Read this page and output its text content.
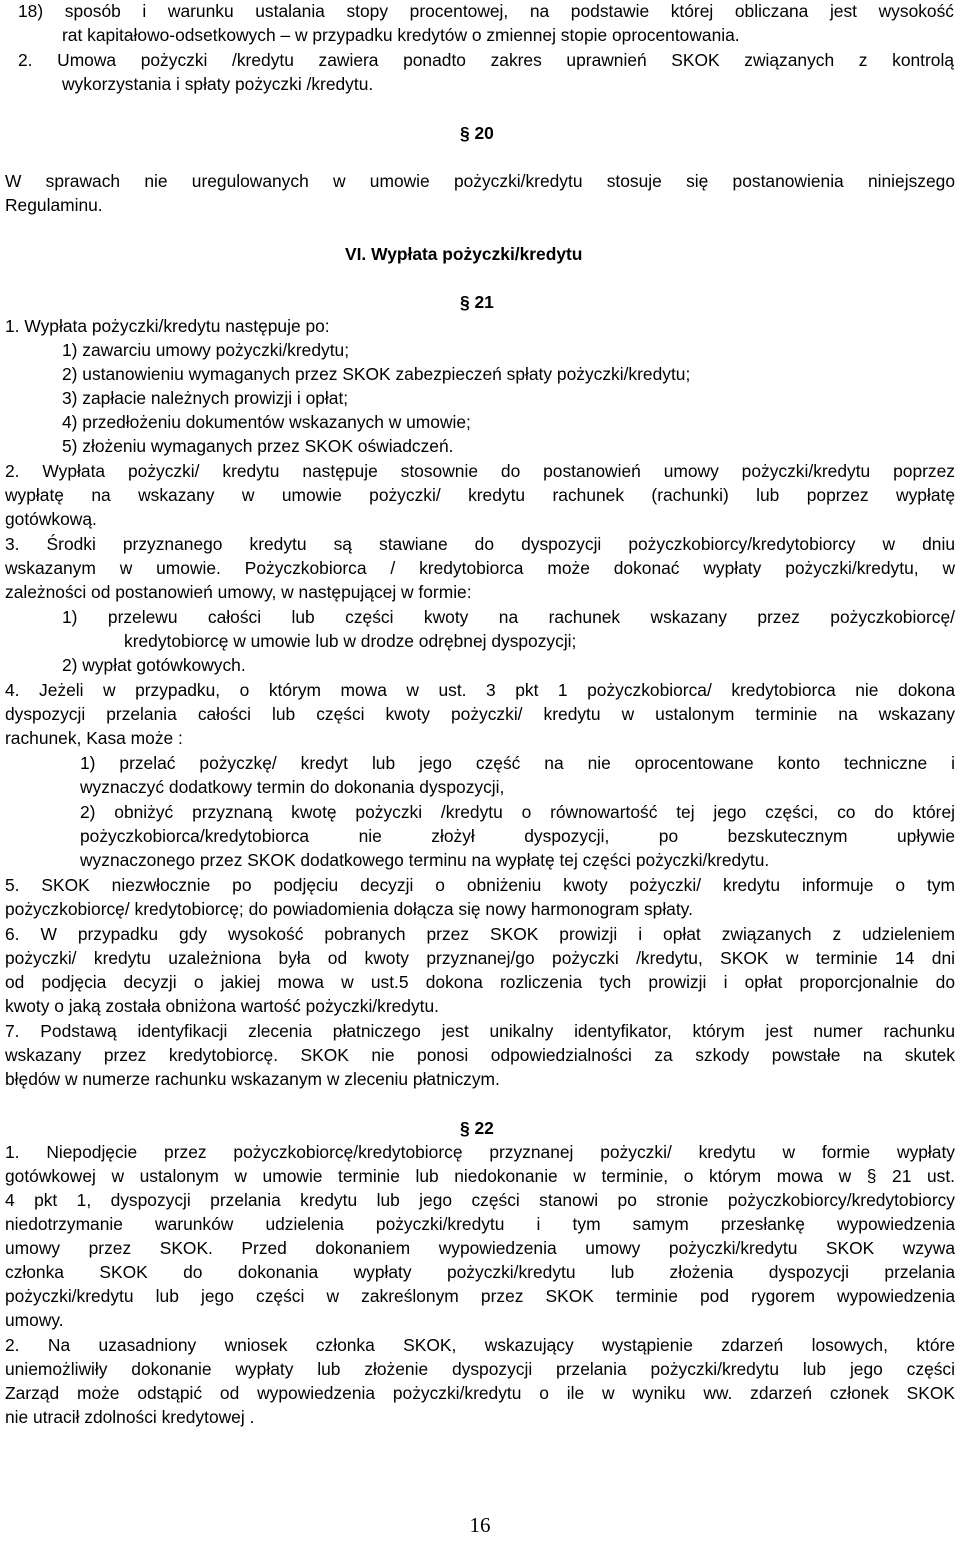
18) sposób i warunku ustalania stopy procentowej, na podstawie której obliczana jest wysokość
rat kapitałowo-odsetkowych – w przypadku kredytów o zmiennej stopie oprocentowania.
2. Umowa pożyczki /kredytu zawiera ponadto zakres uprawnień SKOK związanych z kontrolą
wykorzystania i spłaty pożyczki /kredytu.
§ 20
W sprawach nie uregulowanych w umowie pożyczki/kredytu stosuje się postanowienia niniejszego
Regulaminu.
VI. Wypłata pożyczki/kredytu
§ 21
1. Wypłata pożyczki/kredytu następuje po:
1) zawarciu umowy pożyczki/kredytu;
2) ustanowieniu wymaganych przez SKOK zabezpieczeń spłaty pożyczki/kredytu;
3) zapłacie należnych prowizji i opłat;
4) przedłożeniu dokumentów wskazanych w umowie;
5) złożeniu wymaganych przez SKOK oświadczeń.
2. Wypłata pożyczki/ kredytu następuje stosownie do postanowień umowy pożyczki/kredytu poprzez
wypłatę na wskazany w umowie pożyczki/ kredytu rachunek (rachunki) lub poprzez wypłatę
gotówkową.
3. Środki przyznanego kredytu są stawiane do dyspozycji pożyczkobiorcy/kredytobiorcy w dniu
wskazanym w umowie. Pożyczkobiorca / kredytobiorca może dokonać wypłaty pożyczki/kredytu, w
zależności od postanowień umowy, w następującej w formie:
1) przelewu całości lub części kwoty na rachunek wskazany przez pożyczkobiorcę/
kredytobiorcę w umowie lub w drodze odrębnej dyspozycji;
2) wypłat gotówkowych.
4. Jeżeli w przypadku, o którym mowa w ust. 3 pkt 1 pożyczkobiorca/ kredytobiorca nie dokona
dyspozycji przelania całości lub części kwoty pożyczki/ kredytu w ustalonym terminie na wskazany
rachunek, Kasa może :
1) przelać pożyczkę/ kredyt lub jego część na nie oprocentowane konto techniczne i
wyznaczyć dodatkowy termin do dokonania dyspozycji,
2) obniżyć przyznaną kwotę pożyczki /kredytu o równowartość tej jego części, co do której
pożyczkobiorca/kredytobiorca nie złożył dyspozycji, po bezskutecznym upływie
wyznaczonego przez SKOK dodatkowego terminu na wypłatę tej części pożyczki/kredytu.
5. SKOK niezwłocznie po podjęciu decyzji o obniżeniu kwoty pożyczki/ kredytu informuje o tym
pożyczkobiorcę/ kredytobiorcę; do powiadomienia dołącza się nowy harmonogram spłaty.
6. W przypadku gdy wysokość pobranych przez SKOK prowizji i opłat związanych z udzieleniem
pożyczki/ kredytu uzależniona była od kwoty przyznanej/go pożyczki /kredytu, SKOK w terminie 14 dni
od podjęcia decyzji o jakiej mowa w ust.5 dokona rozliczenia tych prowizji i opłat proporcjonalnie do
kwoty o jaką została obniżona wartość pożyczki/kredytu.
7. Podstawą identyfikacji zlecenia płatniczego jest unikalny identyfikator, którym jest numer rachunku
wskazany przez kredytobiorcę. SKOK nie ponosi odpowiedzialności za szkody powstałe na skutek
błędów w numerze rachunku wskazanym w zleceniu płatniczym.
§ 22
1. Niepodjęcie przez pożyczkobiorcę/kredytobiorcę przyznanej pożyczki/ kredytu w formie wypłaty
gotówkowej w ustalonym w umowie terminie lub niedokonanie w terminie, o którym mowa w § 21 ust.
4 pkt 1, dyspozycji przelania kredytu lub jego części stanowi po stronie pożyczkobiorcy/kredytobiorcy
niedotrzymanie warunków udzielenia pożyczki/kredytu i tym samym przesłankę wypowiedzenia
umowy przez SKOK. Przed dokonaniem wypowiedzenia umowy pożyczki/kredytu SKOK wzywa
członka SKOK do dokonania wypłaty pożyczki/kredytu lub złożenia dyspozycji przelania
pożyczki/kredytu lub jego części w zakreślonym przez SKOK terminie pod rygorem wypowiedzenia
umowy.
2. Na uzasadniony wniosek członka SKOK, wskazujący wystąpienie zdarzeń losowych, które
uniemożliwiły dokonanie wypłaty lub złożenie dyspozycji przelania pożyczki/kredytu lub jego części
Zarząd może odstąpić od wypowiedzenia pożyczki/kredytu o ile w wyniku ww. zdarzeń członek SKOK
nie utracił zdolności kredytowej .
16
